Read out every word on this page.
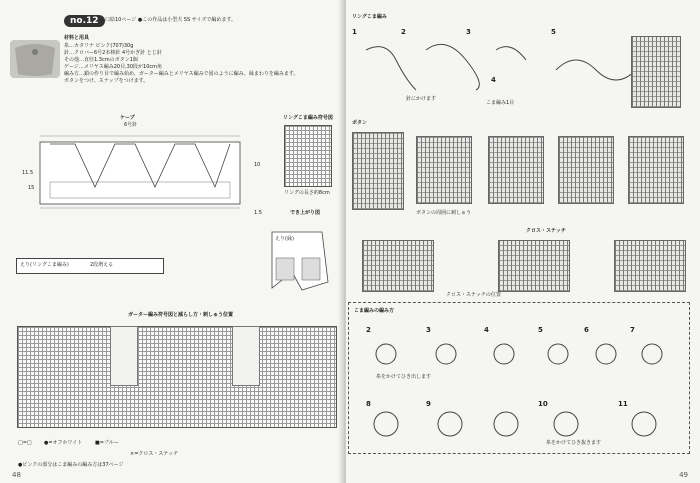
no.12 …口絵10ページ ●この作品は小型犬 SS サイズで編めます。
材料と用具
糸…カタリナ ピンク(707)30g
針…クロバー6号2本棒針 4号かぎ針 とじ針
その他…直径1.3cmのボタン1個
ゲージ…メリヤス編み20目,30段が10cm角
編み方…鎖の作り目で編み始め、ガーター編みとメリヤス編みで図のように編み、縁まわりを編みます。
ボタンをつけ、スナップをつけます。
ケープ
6号針
11.5
15
10
1.5
リングこま編み符号図
リングの長さ約8cm
でき上がり図
えり(縁)
えり(リングこま編み)	2段増える
ガーター編み符号図と減らし方・刺しゅう位置
□=□ ●=オフホワイト	■=ブルー
×=クロス・ステッチ
●ピンクの部分はこま編みの編み方は37ページ
48
リングこま編み
1	2	3
4
5
針にかけます
こま編み1目
ボタン
ボタンの周囲に刺しゅう
クロス・ステッチ
クロス・ステッチの位置
こま編みの編み方
2	3	4	5	6	7
8	9	10	11
糸をかけてひき出します
糸をかけてひき抜きます
49
